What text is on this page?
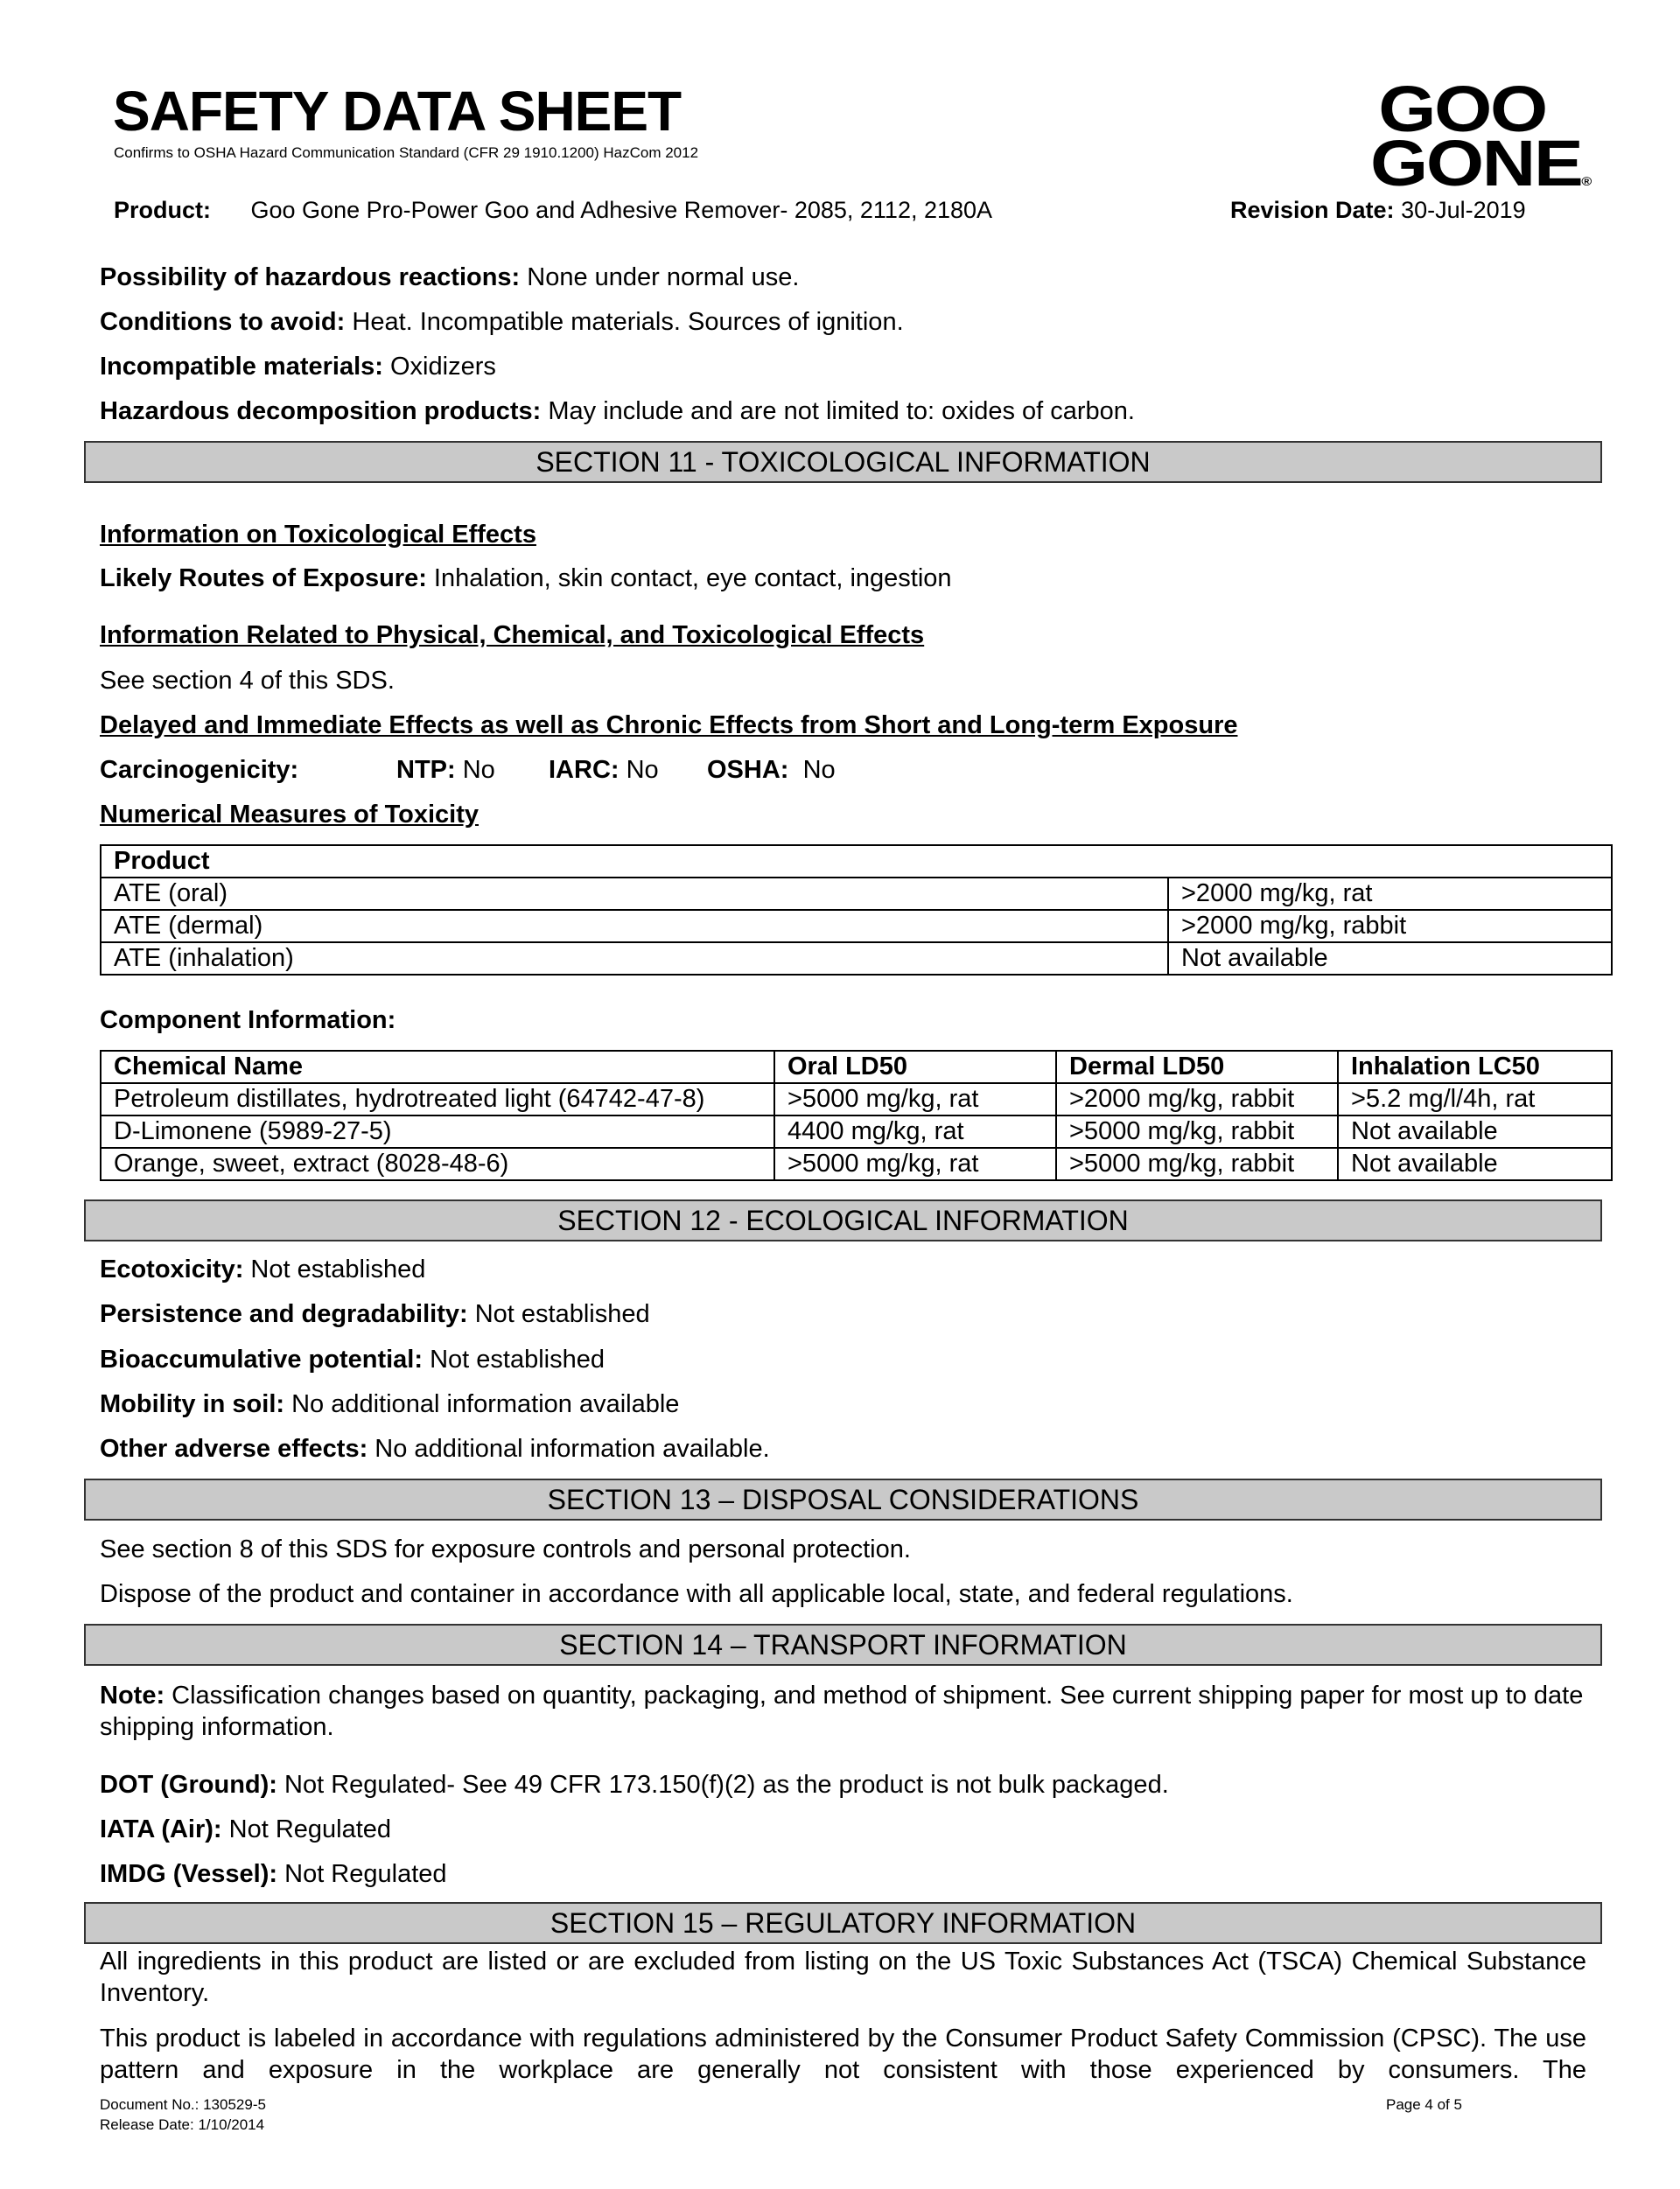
SAFETY DATA SHEET
Confirms to OSHA Hazard Communication Standard (CFR 29 1910.1200) HazCom 2012
Product: Goo Gone Pro-Power Goo and Adhesive Remover- 2085, 2112, 2180A	Revision Date: 30-Jul-2019
GOO
GONE®
Possibility of hazardous reactions: None under normal use.
Conditions to avoid: Heat. Incompatible materials. Sources of ignition.
Incompatible materials: Oxidizers
Hazardous decomposition products: May include and are not limited to: oxides of carbon.
SECTION 11 - TOXICOLOGICAL INFORMATION
Information on Toxicological Effects
Likely Routes of Exposure: Inhalation, skin contact, eye contact, ingestion
Information Related to Physical, Chemical, and Toxicological Effects
See section 4 of this SDS.
Delayed and Immediate Effects as well as Chronic Effects from Short and Long-term Exposure
Carcinogenicity:	NTP: No IARC: No OSHA:  No
Numerical Measures of Toxicity
Product	
ATE (oral)	>2000 mg/kg, rat
ATE (dermal)	>2000 mg/kg, rabbit
ATE (inhalation)	Not available
Component Information:
Chemical Name	Oral LD50	Dermal LD50	Inhalation LC50
Petroleum distillates, hydrotreated light (64742-47-8)	>5000 mg/kg, rat	>2000 mg/kg, rabbit	>5.2 mg/l/4h, rat
D-Limonene (5989-27-5)	4400 mg/kg, rat	>5000 mg/kg, rabbit	Not available
Orange, sweet, extract (8028-48-6)	>5000 mg/kg, rat	>5000 mg/kg, rabbit	Not available
SECTION 12 - ECOLOGICAL INFORMATION
Ecotoxicity: Not established
Persistence and degradability: Not established
Bioaccumulative potential: Not established
Mobility in soil: No additional information available
Other adverse effects: No additional information available.
SECTION 13 – DISPOSAL CONSIDERATIONS
See section 8 of this SDS for exposure controls and personal protection.
Dispose of the product and container in accordance with all applicable local, state, and federal regulations.
SECTION 14 – TRANSPORT INFORMATION
Note: Classification changes based on quantity, packaging, and method of shipment. See current shipping paper for most up to date shipping information.
DOT (Ground): Not Regulated- See 49 CFR 173.150(f)(2) as the product is not bulk packaged.
IATA (Air): Not Regulated
IMDG (Vessel): Not Regulated
SECTION 15 – REGULATORY INFORMATION
All ingredients in this product are listed or are excluded from listing on the US Toxic Substances Act (TSCA) Chemical Substance Inventory.
This product is labeled in accordance with regulations administered by the Consumer Product Safety Commission (CPSC). The use pattern and exposure in the workplace are generally not consistent with those experienced by consumers. The
Document No.: 130529-5
Release Date: 1/10/2014
Page 4 of 5
